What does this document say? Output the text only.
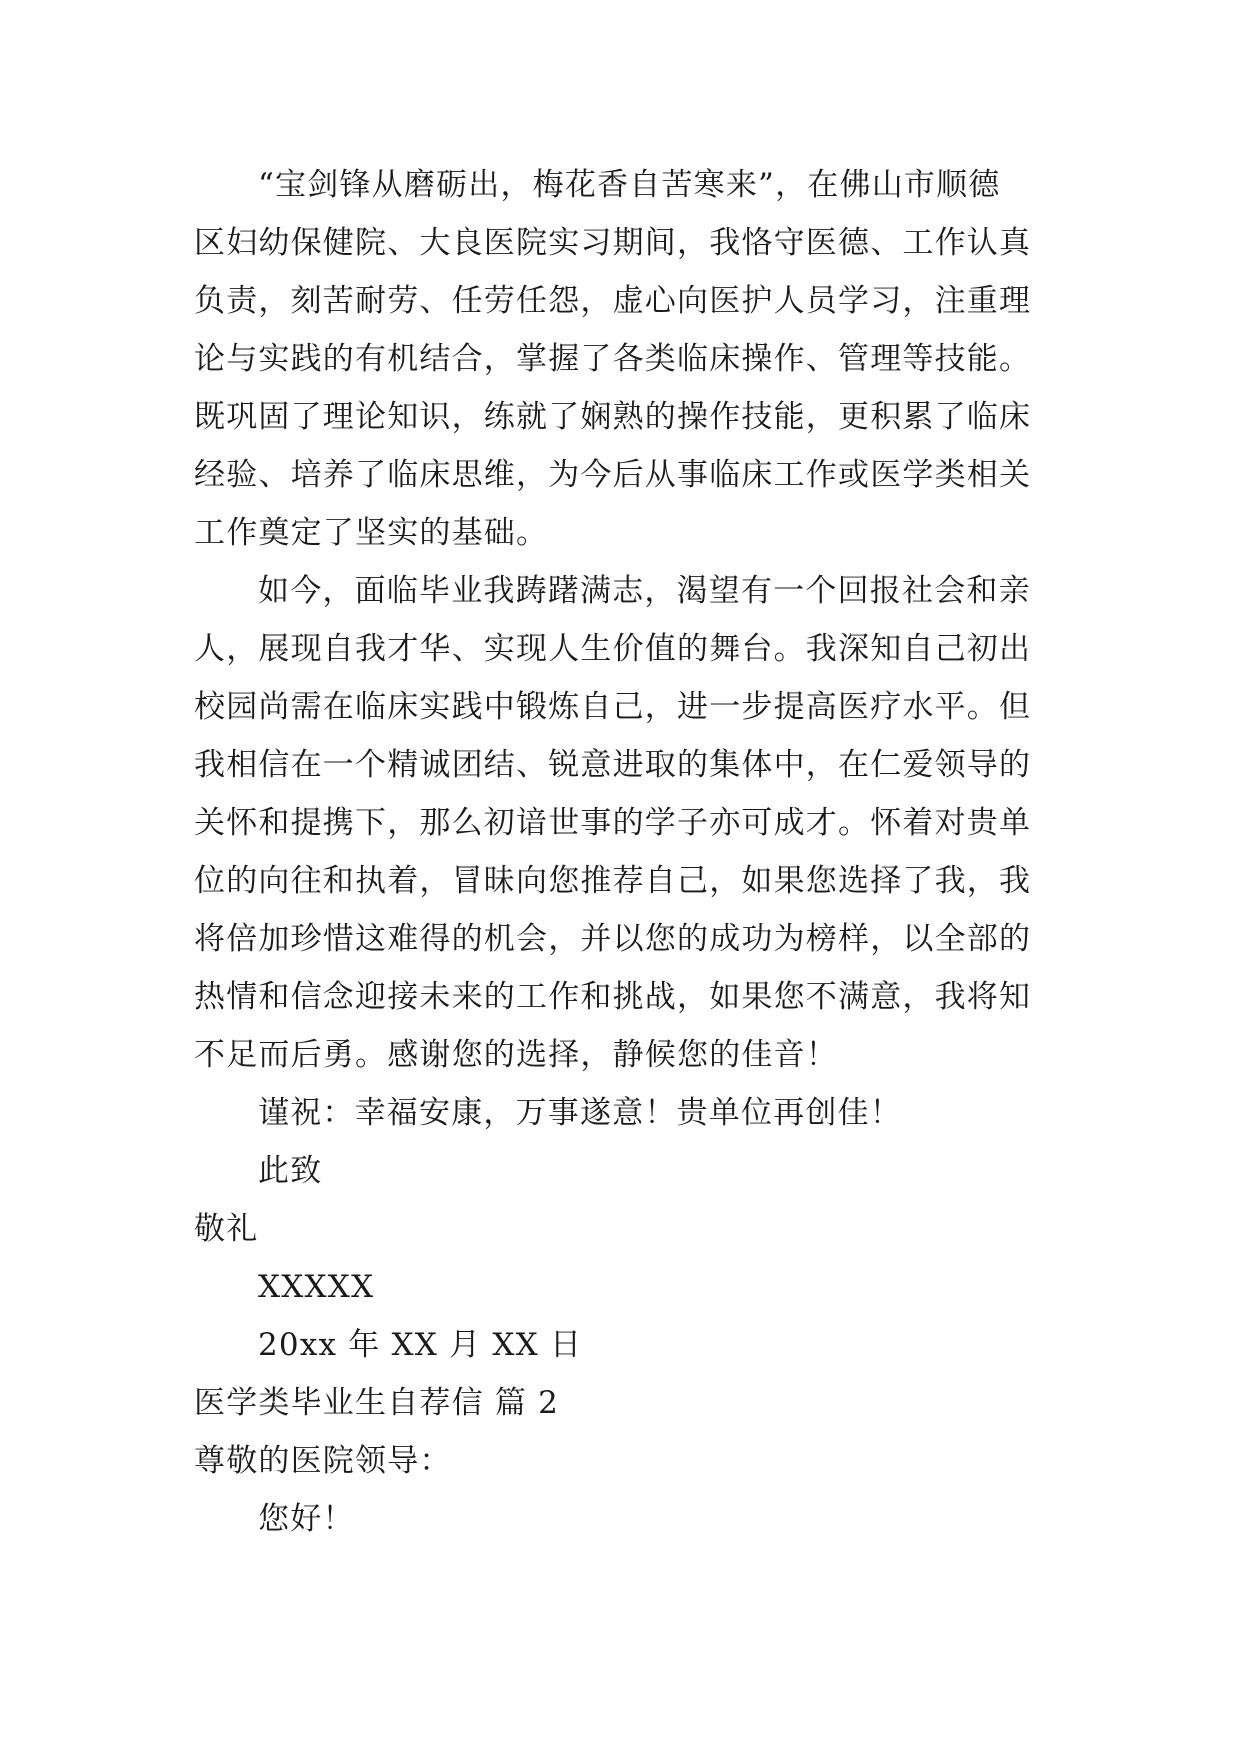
“宝剑锋从磨砺出，梅花香自苦寒来”，在佛山市顺德
区妇幼保健院、大良医院实习期间，我恪守医德、工作认真
负责，刻苦耐劳、任劳任怨，虚心向医护人员学习，注重理
论与实践的有机结合，掌握了各类临床操作、管理等技能。
既巩固了理论知识，练就了娴熟的操作技能，更积累了临床
经验、培养了临床思维，为今后从事临床工作或医学类相关
工作奠定了坚实的基础。
如今，面临毕业我踌躇满志，渴望有一个回报社会和亲
人，展现自我才华、实现人生价值的舞台。我深知自己初出
校园尚需在临床实践中锻炼自己，进一步提高医疗水平。但
我相信在一个精诚团结、锐意进取的集体中，在仁爱领导的
关怀和提携下，那么初谙世事的学子亦可成才。怀着对贵单
位的向往和执着，冒昧向您推荐自己，如果您选择了我，我
将倍加珍惜这难得的机会，并以您的成功为榜样，以全部的
热情和信念迎接未来的工作和挑战，如果您不满意，我将知
不足而后勇。感谢您的选择，静候您的佳音！
谨祝：幸福安康，万事遂意！贵单位再创佳！
此致
敬礼
XXXXX
20xx 年 XX 月 XX 日
医学类毕业生自荐信 篇 2
尊敬的医院领导：
您好！
